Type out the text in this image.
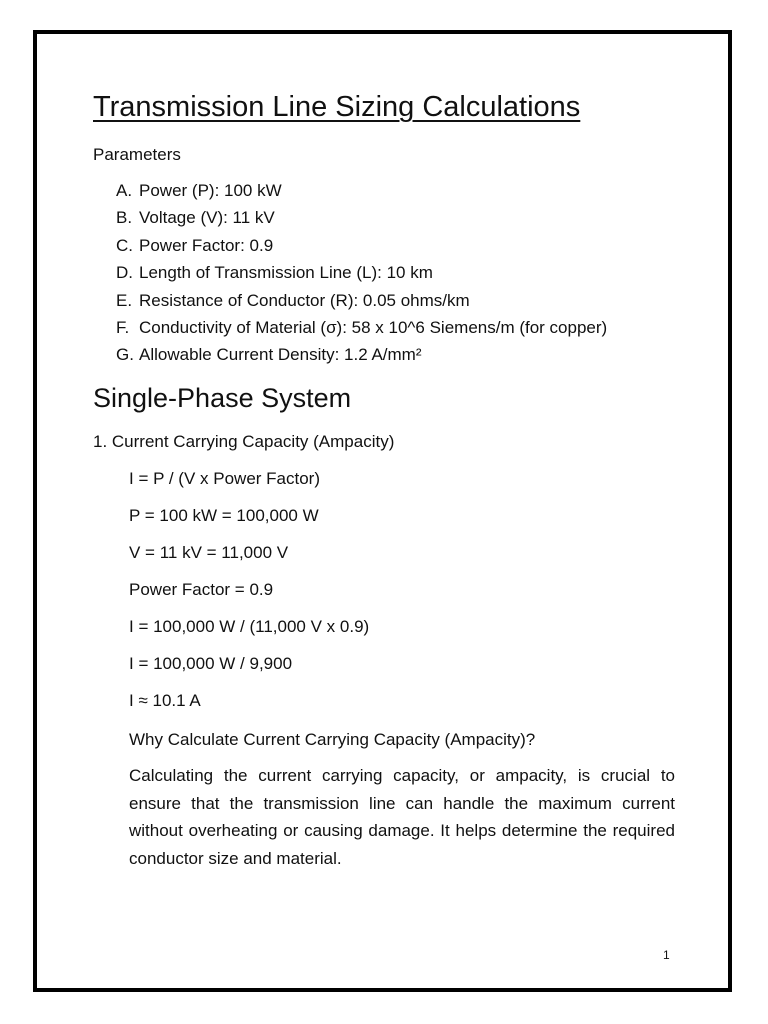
Transmission Line Sizing Calculations
Parameters
A. Power (P): 100 kW
B. Voltage (V): 11 kV
C. Power Factor: 0.9
D. Length of Transmission Line (L): 10 km
E. Resistance of Conductor (R): 0.05 ohms/km
F. Conductivity of Material (σ): 58 x 10^6 Siemens/m (for copper)
G. Allowable Current Density: 1.2 A/mm²
Single-Phase System
1. Current Carrying Capacity (Ampacity)
I = P / (V x Power Factor)
P = 100 kW = 100,000 W
V = 11 kV = 11,000 V
Power Factor = 0.9
I = 100,000 W / (11,000 V x 0.9)
I = 100,000 W / 9,900
I ≈ 10.1 A
Why Calculate Current Carrying Capacity (Ampacity)?
Calculating the current carrying capacity, or ampacity, is crucial to ensure that the transmission line can handle the maximum current without overheating or causing damage. It helps determine the required conductor size and material.
1
